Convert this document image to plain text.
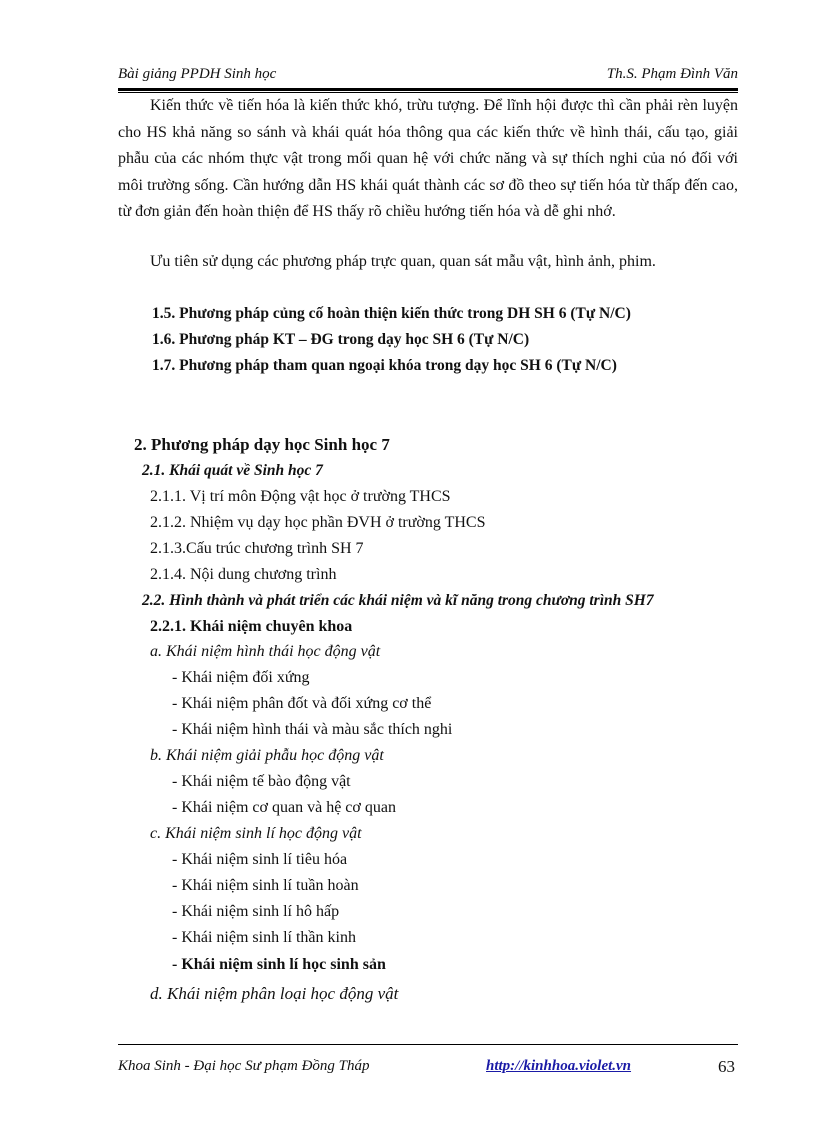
Bài giảng PPDH Sinh học	Th.S. Phạm Đình Văn

Kiến thức về tiến hóa là kiến thức khó, trừu tượng. Để lĩnh hội được thì cần phải rèn luyện cho HS khả năng so sánh và khái quát hóa thông qua các kiến thức về hình thái, cấu tạo, giải phẫu của các nhóm thực vật trong mối quan hệ với chức năng và sự thích nghi của nó đối với môi trường sống. Cần hướng dẫn HS khái quát thành các sơ đồ theo sự tiến hóa từ thấp đến cao, từ đơn giản đến hoàn thiện để HS thấy rõ chiều hướng tiến hóa và dễ ghi nhớ.

Ưu tiên sử dụng các phương pháp trực quan, quan sát mẫu vật, hình ảnh, phim.

1.5. Phương pháp củng cố hoàn thiện kiến thức trong DH SH 6 (Tự N/C)
1.6. Phương pháp KT – ĐG trong dạy học SH 6 (Tự N/C)
1.7. Phương pháp tham quan ngoại khóa trong dạy học SH 6 (Tự N/C)
2. Phương pháp dạy học Sinh học 7
2.1. Khái quát về Sinh học 7
2.1.1. Vị trí môn Động vật học ở trường THCS
2.1.2. Nhiệm vụ dạy học phần ĐVH ở trường THCS
2.1.3.Cấu trúc chương trình SH 7
2.1.4. Nội dung chương trình
2.2. Hình thành và phát triển các khái niệm và kĩ năng trong chương trình SH7
2.2.1. Khái niệm chuyên khoa
a. Khái niệm hình thái học động vật
- Khái niệm đối xứng
- Khái niệm phân đốt và đối xứng cơ thể
- Khái niệm hình thái và màu sắc thích nghi
b. Khái niệm giải phẫu học động vật
- Khái niệm tế bào động vật
- Khái niệm cơ quan và hệ cơ quan
c. Khái niệm sinh lí học động vật
- Khái niệm sinh lí tiêu hóa
- Khái niệm sinh lí tuần hoàn
- Khái niệm sinh lí hô hấp
- Khái niệm sinh lí thần kinh
- Khái niệm sinh lí học sinh sản
d. Khái niệm phân loại học động vật
Khoa Sinh - Đại học Sư phạm Đồng Tháp	http://kinhhoa.violet.vn	63
